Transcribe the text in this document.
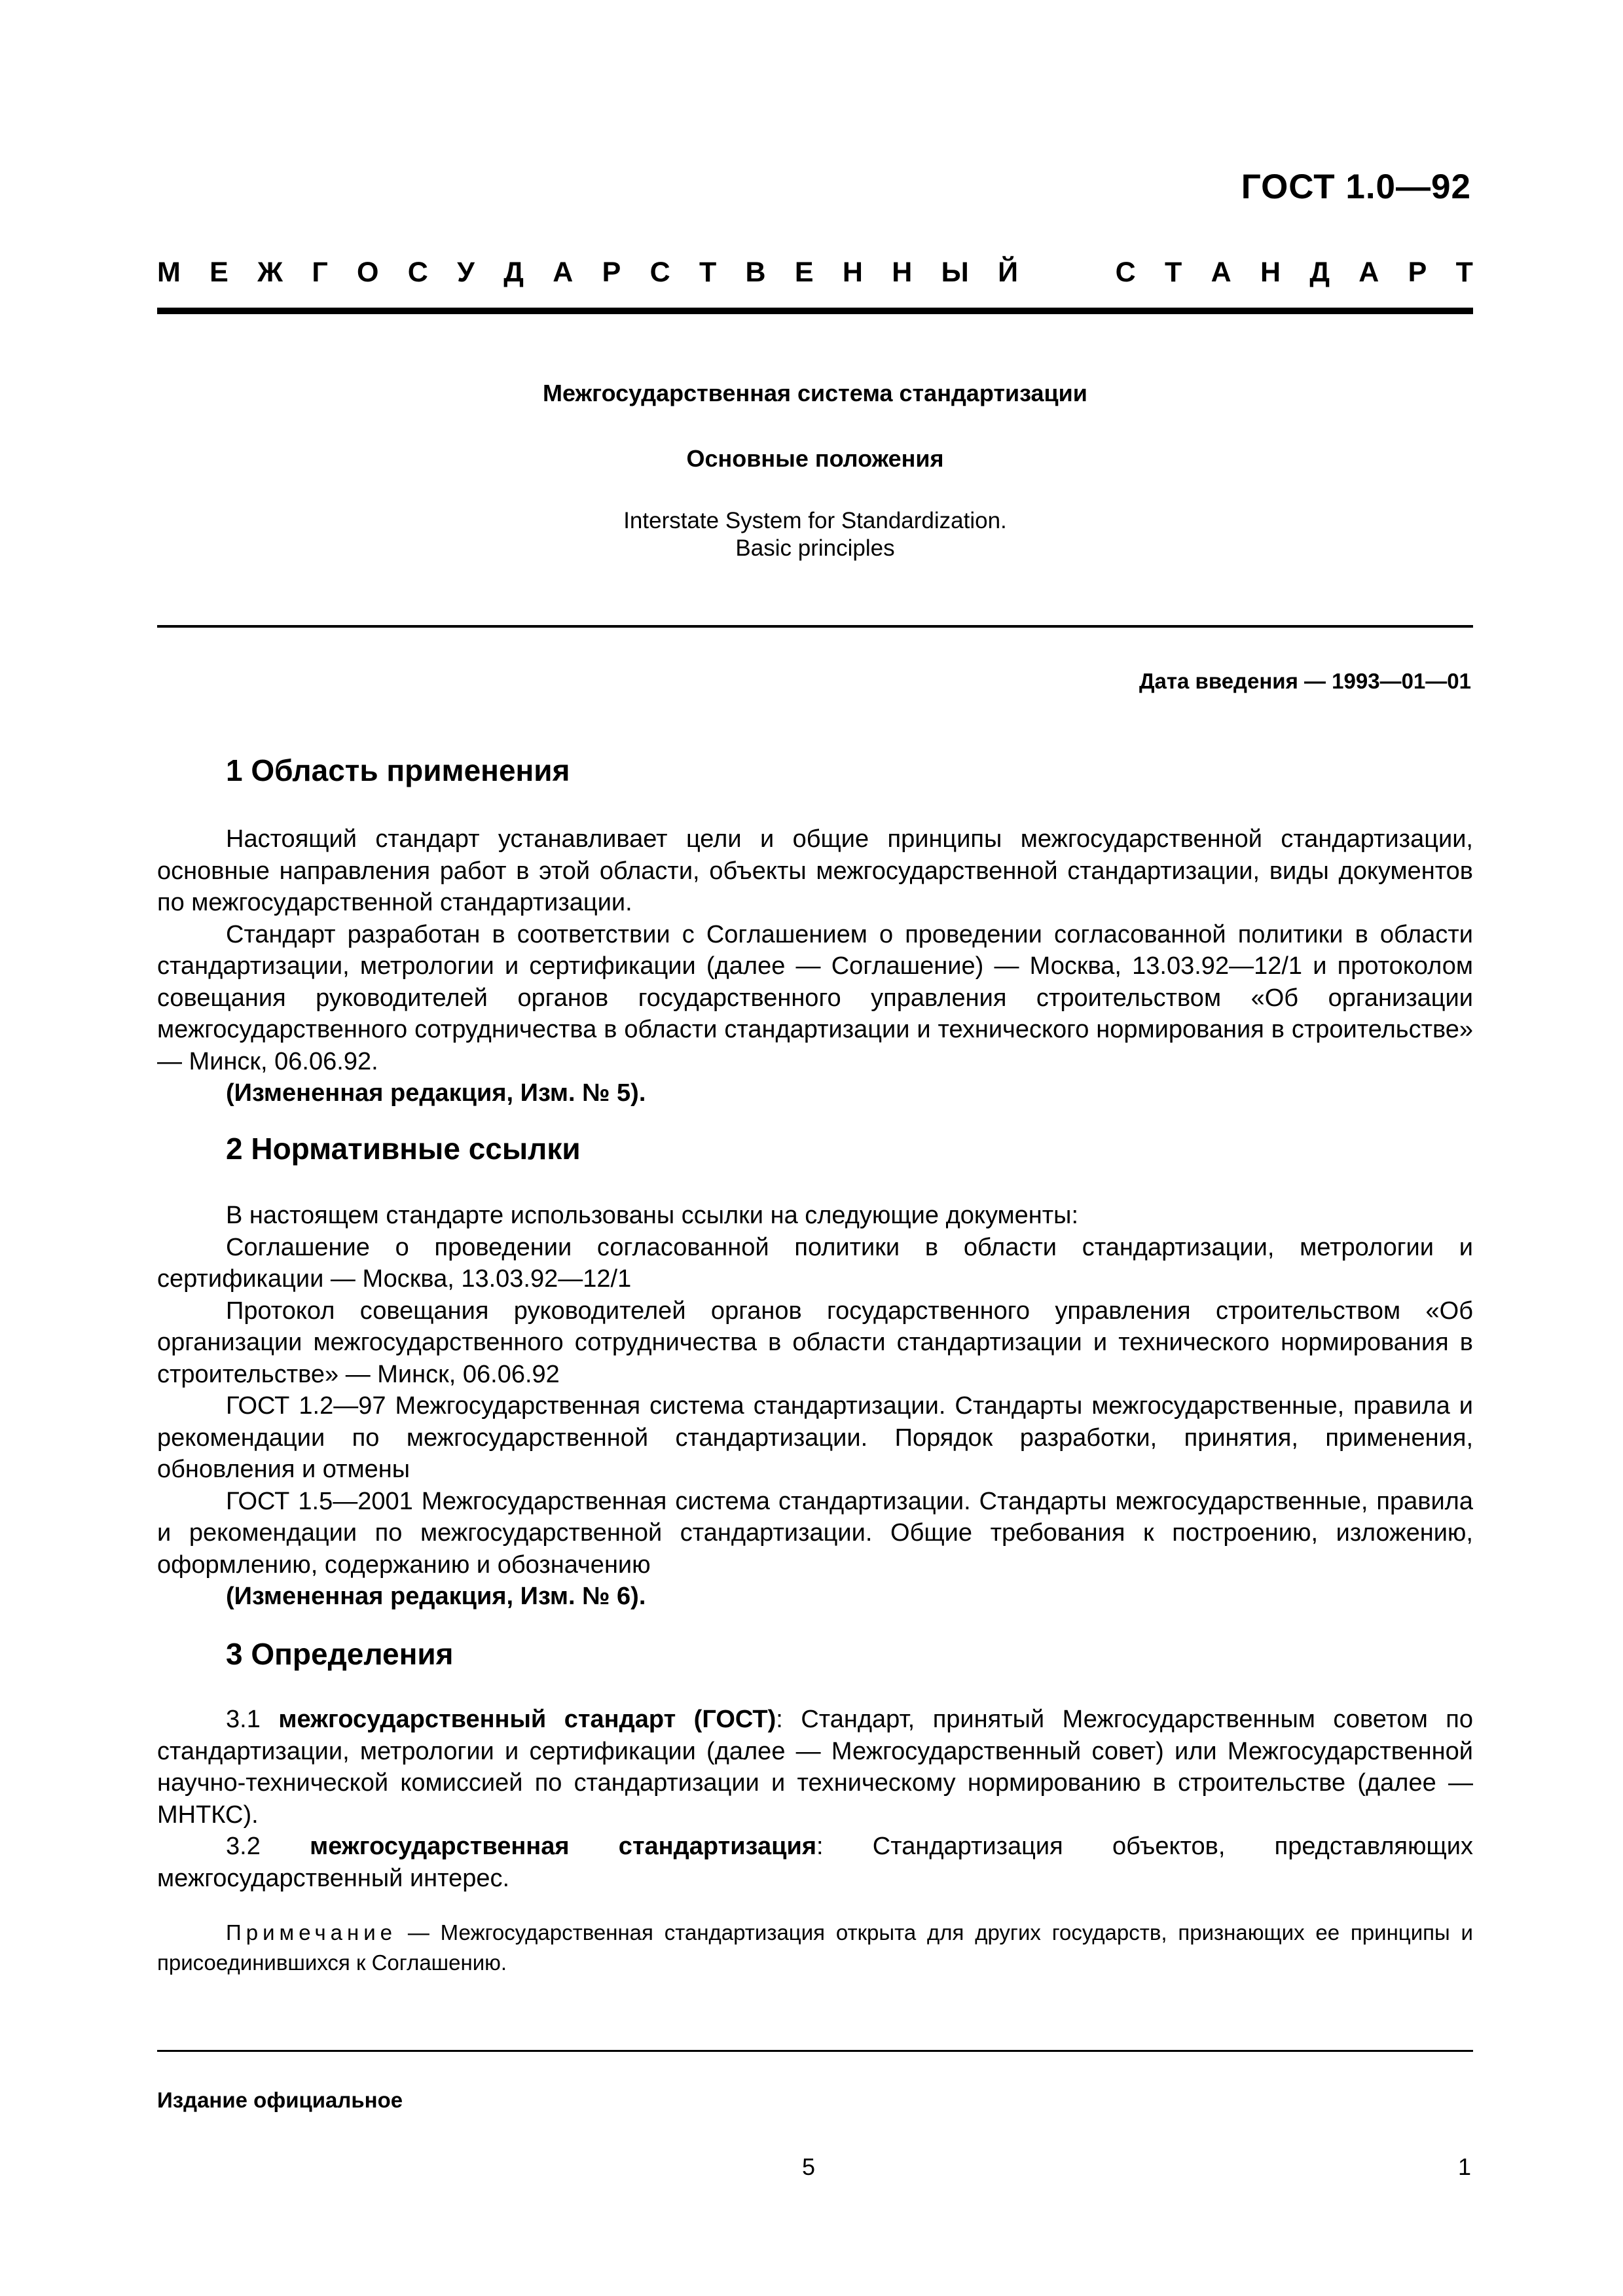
ГОСТ 1.0—92
М Е Ж Г О С У Д А Р С Т В Е Н Н Ы Й	С Т А Н Д А Р Т
Межгосударственная система стандартизации
Основные положения
Interstate System for Standardization.
Basic principles
Дата введения — 1993—01—01
1 Область применения

Настоящий стандарт устанавливает цели и общие принципы межгосударственной стандартизации, основные направления работ в этой области, объекты межгосударственной стандартизации, виды документов по межгосударственной стандартизации.

Стандарт разработан в соответствии с Соглашением о проведении согласованной политики в области стандартизации, метрологии и сертификации (далее — Соглашение) — Москва, 13.03.92—12/1 и протоколом совещания руководителей органов государственного управления строительством «Об организации межгосударственного сотрудничества в области стандартизации и технического нормирования в строительстве» — Минск, 06.06.92.

(Измененная редакция, Изм. № 5).

2 Нормативные ссылки

В настоящем стандарте использованы ссылки на следующие документы:

Соглашение о проведении согласованной политики в области стандартизации, метрологии и сертификации — Москва, 13.03.92—12/1

Протокол совещания руководителей органов государственного управления строительством «Об организации межгосударственного сотрудничества в области стандартизации и технического нормирования в строительстве» — Минск, 06.06.92

ГОСТ 1.2—97 Межгосударственная система стандартизации. Стандарты межгосударственные, правила и рекомендации по межгосударственной стандартизации. Порядок разработки, принятия, применения, обновления и отмены

ГОСТ 1.5—2001 Межгосударственная система стандартизации. Стандарты межгосударственные, правила и рекомендации по межгосударственной стандартизации. Общие требования к построению, изложению, оформлению, содержанию и обозначению

(Измененная редакция, Изм. № 6).

3 Определения

3.1 межгосударственный стандарт (ГОСТ): Стандарт, принятый Межгосударственным советом по стандартизации, метрологии и сертификации (далее — Межгосударственный совет) или Межгосударственной научно-технической комиссией по стандартизации и техническому нормированию в строительстве (далее — МНТКС).

3.2 межгосударственная стандартизация: Стандартизация объектов, представляющих межгосударственный интерес.

Примечание — Межгосударственная стандартизация открыта для других государств, признающих ее принципы и присоединившихся к Соглашению.
Издание официальное
5	1
